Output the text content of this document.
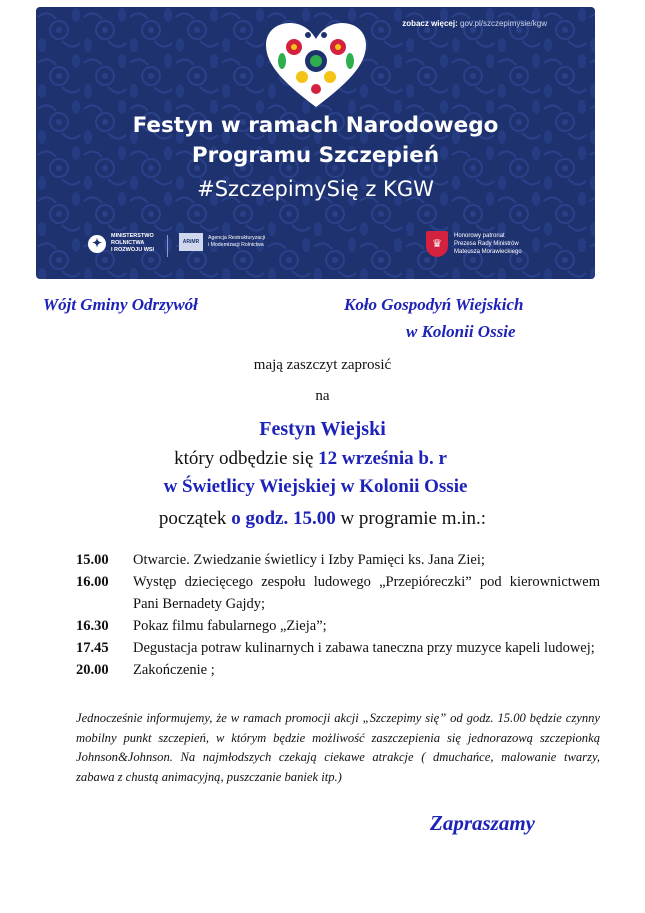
zobacz więcej: gov.pl/szczepimysie/kgw
Festyn w ramach Narodowego
Programu Szczepień
#SzczepimySię z KGW
✦	MINISTERSTWO
ROLNICTWA
I ROZWOJU WSI
ARiMR
Agencja Restrukturyzacji
i Modernizacji Rolnictwa	♛
Honorowy patronat
Prezesa Rady Ministrów
Mateusza Morawieckiego
Wójt Gminy Odrzywół	Koło Gospodyń Wiejskich
w Kolonii Ossie
mają zaszczyt zaprosić
na
Festyn Wiejski
który odbędzie się 12 września b. r
w Świetlicy Wiejskiej w Kolonii Ossie
początek o godz. 15.00 w programie m.in.:
15.00	Otwarcie. Zwiedzanie świetlicy i Izby Pamięci ks. Jana Ziei;
16.00	Występ dziecięcego zespołu ludowego „Przepióreczki” pod kierownictwem Pani Bernadety Gajdy;
16.30	Pokaz filmu fabularnego „Zieja”;
17.45	Degustacja potraw kulinarnych i zabawa taneczna przy muzyce kapeli ludowej;
20.00	Zakończenie ;
Jednocześnie informujemy, że w ramach promocji akcji „Szczepimy się” od godz. 15.00 będzie czynny mobilny punkt szczepień, w którym będzie możliwość zaszczepienia się jednorazową szczepionką Johnson&Johnson. Na najmłodszych czekają ciekawe atrakcje ( dmuchańce, malowanie twarzy, zabawa z chustą animacyjną, puszczanie baniek itp.)
Zapraszamy
